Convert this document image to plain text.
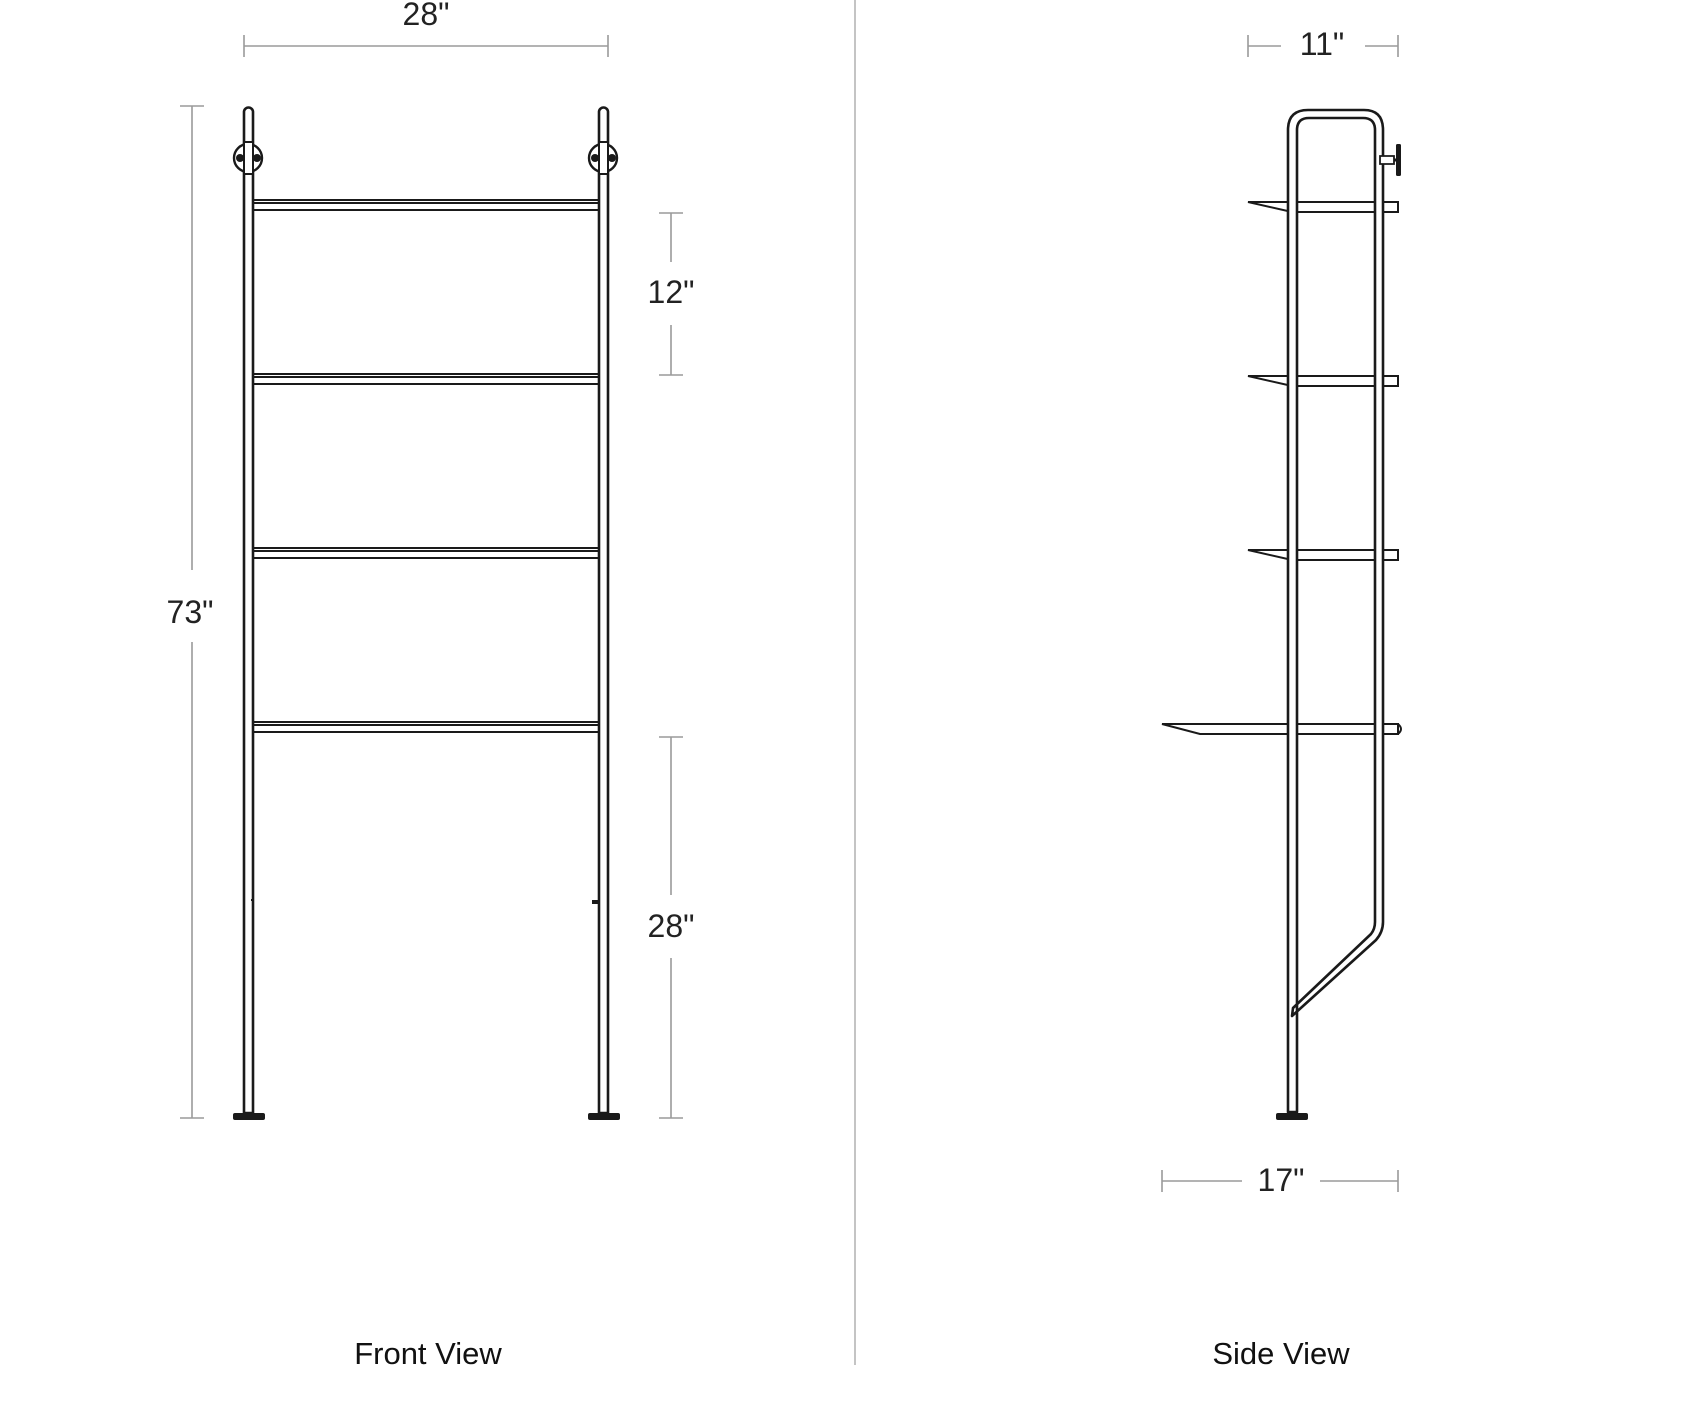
28"
73"
12"
28"
Front View
11"
17"
Side View
